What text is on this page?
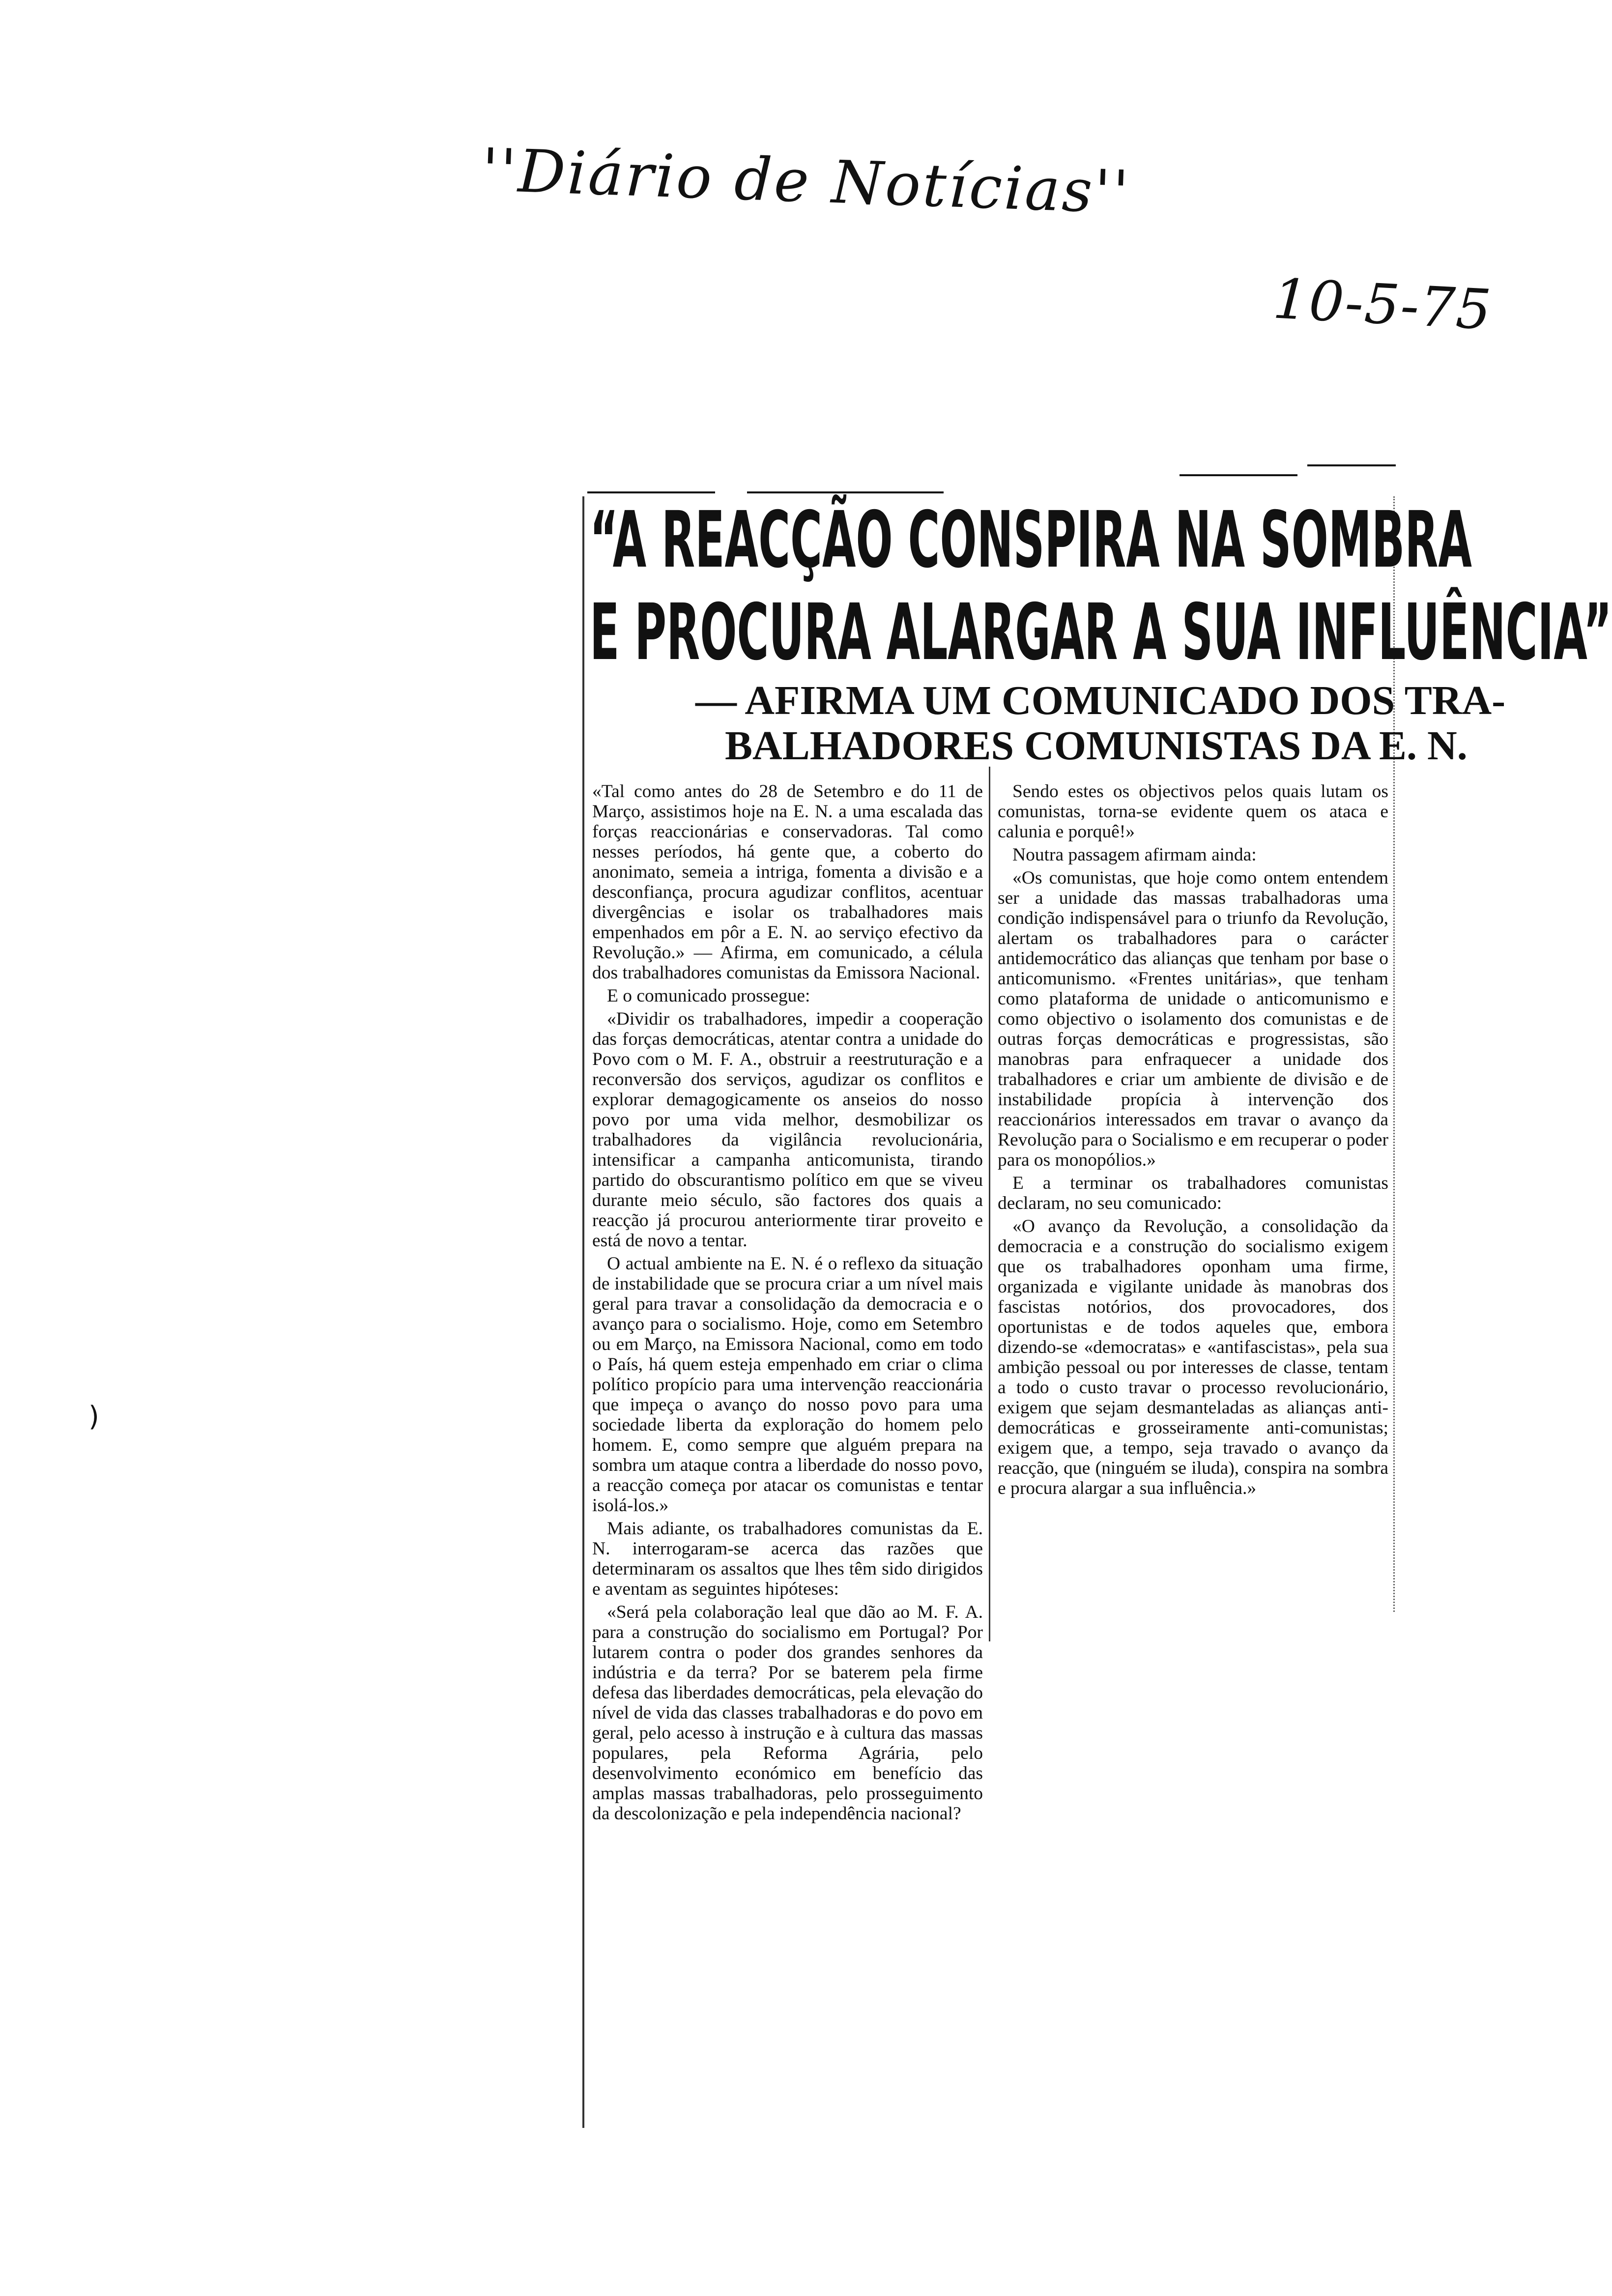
''Diário de Notícias''
10-5-75
)
“A REACÇÃO CONSPIRA NA SOMBRA
E PROCURA ALARGAR A SUA INFLUÊNCIA”
— AFIRMA UM COMUNICADO DOS TRA-
BALHADORES COMUNISTAS DA E. N.

«Tal como antes do 28 de Setembro e do 11 de Março, assistimos hoje na E. N. a uma escalada das forças reaccionárias e conservadoras. Tal como nesses períodos, há gente que, a coberto do anonimato, semeia a intriga, fomenta a divisão e a desconfiança, procura agudizar conflitos, acentuar divergências e isolar os trabalhadores mais empenhados em pôr a E. N. ao serviço efectivo da Revolução.» — Afirma, em comunicado, a célula dos trabalhadores comunistas da Emissora Nacional.

E o comunicado prossegue:

«Dividir os trabalhadores, impedir a cooperação das forças democráticas, atentar contra a unidade do Povo com o M. F. A., obstruir a reestruturação e a reconversão dos serviços, agudizar os conflitos e explorar demagogicamente os anseios do nosso povo por uma vida melhor, desmobilizar os trabalhadores da vigilância revolucionária, intensificar a campanha anticomunista, tirando partido do obscurantismo político em que se viveu durante meio século, são factores dos quais a reacção já procurou anteriormente tirar proveito e está de novo a tentar.

O actual ambiente na E. N. é o reflexo da situação de instabilidade que se procura criar a um nível mais geral para travar a consolidação da democracia e o avanço para o socialismo. Hoje, como em Setembro ou em Março, na Emissora Nacional, como em todo o País, há quem esteja empenhado em criar o clima político propício para uma intervenção reaccionária que impeça o avanço do nosso povo para uma sociedade liberta da exploração do homem pelo homem. E, como sempre que alguém prepara na sombra um ataque contra a liberdade do nosso povo, a reacção começa por atacar os comunistas e tentar isolá-los.»

Mais adiante, os trabalhadores comunistas da E. N. interrogaram-se acerca das razões que determinaram os assaltos que lhes têm sido dirigidos e aventam as seguintes hipóteses:

«Será pela colaboração leal que dão ao M. F. A. para a construção do socialismo em Portugal? Por lutarem contra o poder dos grandes senhores da indústria e da terra? Por se baterem pela firme defesa das liberdades democráticas, pela elevação do nível de vida das classes trabalhadoras e do povo em geral, pelo acesso à instrução e à cultura das massas populares, pela Reforma Agrária, pelo desenvolvimento económico em benefício das amplas massas trabalhadoras, pelo prosseguimento da descolonização e pela independência nacional?

Sendo estes os objectivos pelos quais lutam os comunistas, torna-se evidente quem os ataca e calunia e porquê!»

Noutra passagem afirmam ainda:

«Os comunistas, que hoje como ontem entendem ser a unidade das massas trabalhadoras uma condição indispensável para o triunfo da Revolução, alertam os trabalhadores para o carácter antidemocrático das alianças que tenham por base o anticomunismo. «Frentes unitárias», que tenham como plataforma de unidade o anticomunismo e como objectivo o isolamento dos comunistas e de outras forças democráticas e progressistas, são manobras para enfraquecer a unidade dos trabalhadores e criar um ambiente de divisão e de instabilidade propícia à intervenção dos reaccionários interessados em travar o avanço da Revolução para o Socialismo e em recuperar o poder para os monopólios.»

E a terminar os trabalhadores comunistas declaram, no seu comunicado:

«O avanço da Revolução, a consolidação da democracia e a construção do socialismo exigem que os trabalhadores oponham uma firme, organizada e vigilante unidade às manobras dos fascistas notórios, dos provocadores, dos oportunistas e de todos aqueles que, embora dizendo-se «democratas» e «antifascistas», pela sua ambição pessoal ou por interesses de classe, tentam a todo o custo travar o processo revolucionário, exigem que sejam desmanteladas as alianças anti-democráticas e grosseiramente anti-comunistas; exigem que, a tempo, seja travado o avanço da reacção, que (ninguém se iluda), conspira na sombra e procura alargar a sua influência.»
